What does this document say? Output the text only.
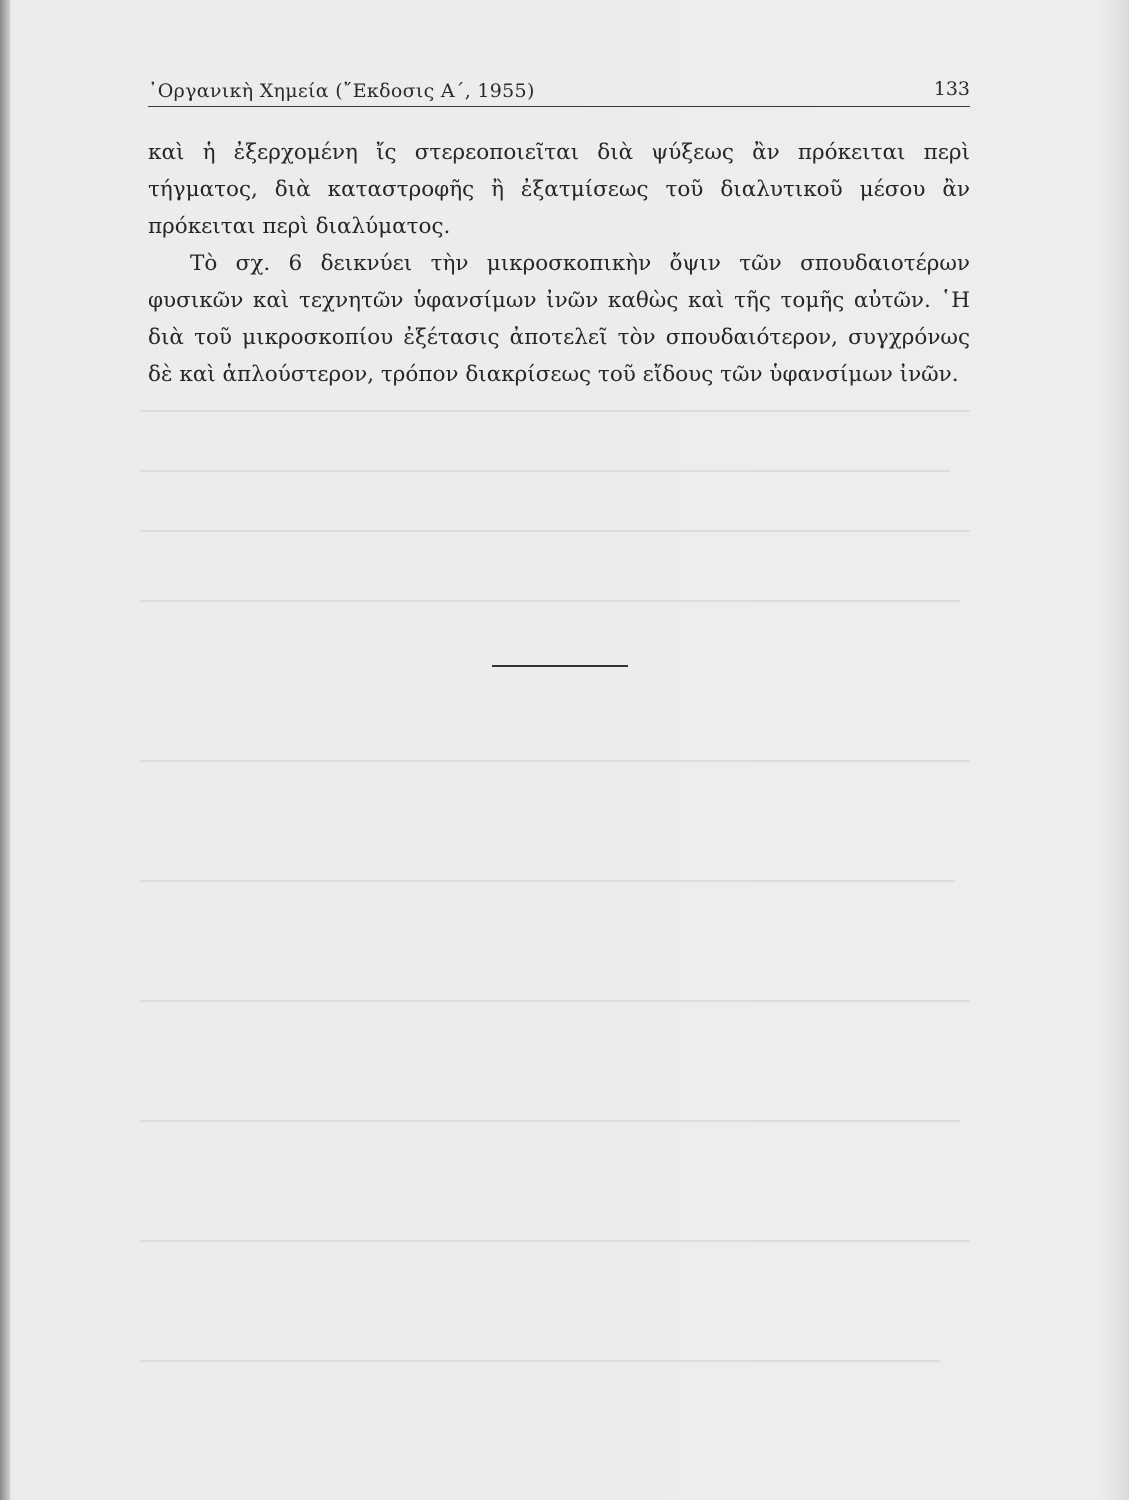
᾿Οργανικὴ Χημεία (῎Εκδοσις Α΄, 1955)	133

καὶ ἡ ἐξερχομένη ἴς στερεοποιεῖται διὰ ψύξεως ἂν πρόκειται περὶ τήγματος, διὰ καταστροφῆς ἢ ἐξατμίσεως τοῦ διαλυτικοῦ μέσου ἂν πρόκειται περὶ διαλύματος.

Τὸ σχ. 6 δεικνύει τὴν μικροσκοπικὴν ὄψιν τῶν σπουδαιοτέρων φυσικῶν καὶ τεχνητῶν ὑφανσίμων ἰνῶν καθὼς καὶ τῆς τομῆς αὐτῶν. ῾Η διὰ τοῦ μικροσκοπίου ἐξέτασις ἀποτελεῖ τὸν σπουδαιότερον, συγχρόνως δὲ καὶ ἁπλούστερον, τρόπον διακρίσεως τοῦ εἴδους τῶν ὑφανσίμων ἰνῶν.
